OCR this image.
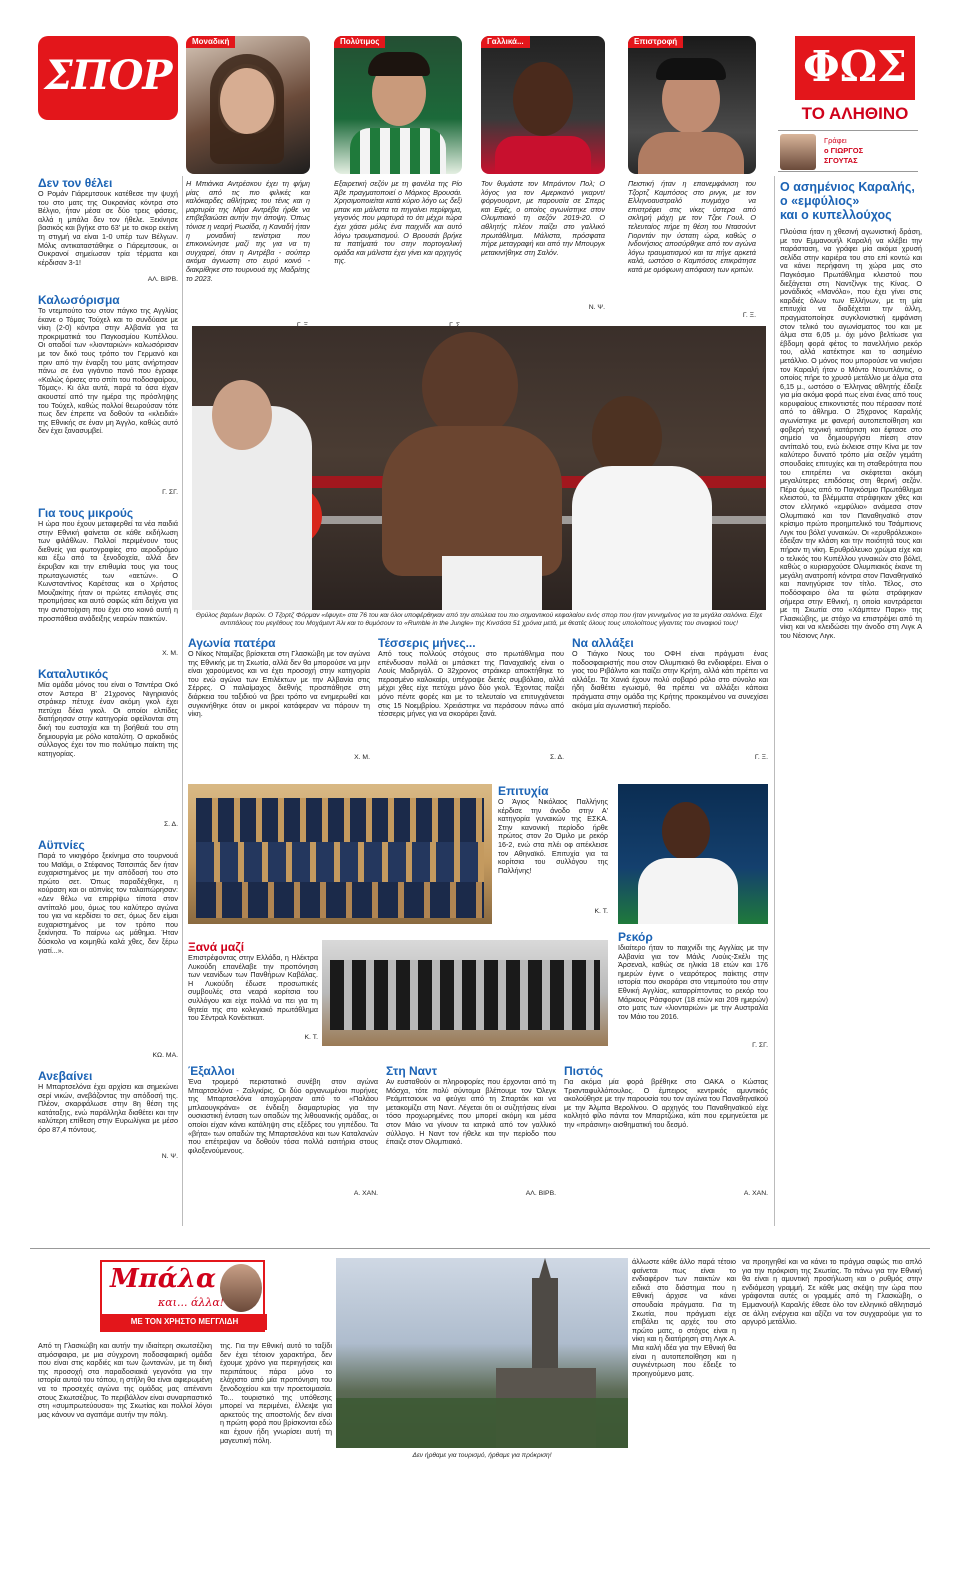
ΣΠΟΡ
Μοναδική	Πολύτιμος	Γαλλικά...	Επιστροφή
ΦΩΣ
ΤΟ ΑΛΗΘΙΝΟ
Γράφει
ο ΓΙΩΡΓΟΣ
ΣΓΟΥΤΑΣ
Η Μπιάνκα Αντρέσκου έχει τη φήμη μίας από τις πιο φιλικές και καλόκαρδες αθλήτριες του τένις και η μαρτυρία της Μίρα Αντρέβα ήρθε να επιβεβαιώσει αυτήν την άποψη. Όπως τόνισε η νεαρή Ρωσίδα, η Καναδή ήταν η μοναδική τενίστρια που επικοινώνησε μαζί της για να τη συγχαρεί, όταν η Αντρέβα - σούπερ ακόμα άγνωστη στο ευρύ κοινό - διακρίθηκε στο τουρνουά της Μαδρίτης το 2023.
Εξαιρετική σεζόν με τη φανέλα της Ρίο Άβε πραγματοποιεί ο Μάρκος Βρουσάι. Χρησιμοποιείται κατά κύριο λόγο ως δεξί μπακ και μάλιστα τα πηγαίνει περίφημα, γεγονός που μαρτυρά το ότι μέχρι τώρα έχει χάσει μόλις ένα παιχνίδι και αυτό λόγω τραυματισμού. Ο Βρουσάι βρήκε τα πατήματά του στην πορτογαλική ομάδα και μάλιστα έχει γίνει και αρχηγός της.
Τον θυμάστε τον Μπράντον Πολ; Ο λόγος για τον Αμερικανό γκαρντ/φόργουορντ, με παρουσία σε Σπερς και Εφές, ο οποίος αγωνίστηκε στον Ολυμπιακό τη σεζόν 2019-20. Ο αθλητής πλέον παίζει στο γαλλικό πρωτάθλημα. Μάλιστα, πρόσφατα πήρε μεταγραφή και από την Μπουργκ μετακινήθηκε στη Σαλόν.
Ν. Ψ.
Πειστική ήταν η επανεμφάνιση του Τζορτζ Καμπόσος στο ρινγκ, με τον Ελληνοαυστραλό πυγμάχο να επιστρέφει στις νίκες ύστερα από σκληρή μάχη με τον Τζεκ Γουλ. Ο τελευταίος πήρε τη θέση του Ντασούντ Γιορντάν την ύστατη ώρα, καθώς ο Ινδονήσιος αποσύρθηκε από τον αγώνα λόγω τραυματισμού και τα πήγε αρκετά καλά, ωστόσο ο Καμπόσος επικράτησε κατά με ομόφωνη απόφαση των κριτών.
Γ. Ξ.
Δεν τον θέλει
Ο Ρομάν Γιάρεμτσουκ κατέθεσε την ψυχή του στο ματς της Ουκρανίας κόντρα στο Βέλγιο, ήταν μέσα σε δύο τρεις φάσεις, αλλά η μπάλα δεν τον ήθελε. Ξεκίνησε βασικός και βγήκε στο 63' με το σκορ εκείνη τη στιγμή να είναι 1-0 υπέρ των Βέλγων. Μόλις αντικαταστάθηκε ο Γιάρεμτσουκ, οι Ουκρανοί σημείωσαν τρία τέρματα και κέρδισαν 3-1!
ΑΛ. ΒΙΡΒ.
Καλωσόρισμα
Το ντεμπούτο του στον πάγκο της Αγγλίας έκανε ο Τόμας Τούχελ και το συνδύασε με νίκη (2-0) κόντρα στην Αλβανία για τα προκριματικά του Παγκοσμίου Κυπέλλου. Οι οπαδοί των «λιονταριών» καλωσόρισαν με τον δικό τους τρόπο τον Γερμανό και πριν από την έναρξη του ματς ανήρτησαν πάνω σε ένα γιγάντιο πανό που έγραφε «Καλώς όρισες στο σπίτι του ποδοσφαίρου, Τόμας». Κι όλα αυτά, παρά τα όσα είχαν ακουστεί από την ημέρα της πρόσληψης του Τούχελ, καθώς πολλοί θεωρούσαν τότε πως δεν έπρεπε να δοθούν τα «κλειδιά» της Εθνικής σε έναν μη Άγγλο, καθώς αυτό δεν έχει ξανασυμβεί.
Γ. ΣΓ.
Για τους μικρούς
Η ώρα που έχουν μεταφερθεί τα νέα παιδιά στην Εθνική φαίνεται σε κάθε εκδήλωση των φιλάθλων. Πολλοί περιμένουν τους διεθνείς για φωτογραφίες στο αεροδρόμιο και έξω από τα ξενοδοχεία, αλλά δεν έκρυβαν και την επιθυμία τους για τους πρωταγωνιστές των «αετών». Ο Κωνσταντίνος Καρέτσας και ο Χρήστος Μουζακίτης ήταν οι πρώτες επιλογές στις προτιμήσεις και αυτό σαφώς κάτι δείχνει για την αντιστοίχιση που έχει στο κοινό αυτή η προσπάθεια ανάδειξης νεαρών παικτών.
Χ. Μ.
Καταλυτικός
Μία ομάδα μόνος του είναι ο Τσιντέρα Οκό στον Άστερα Β' 21χρονος Νιγηριανός στράικερ πέτυχε έναν ακόμη γκολ έχει πετύχει δέκα γκολ. Οι οποίοι ελπίδες διατήρησαν στην κατηγορία οφείλονται στη δική του ευστοχία και τη βοήθειά του στη δημιουργία με ρόλο καταλύτη. Ο αρκαδικός σύλλογος έχει τον πιο πολύτιμο παίκτη της κατηγορίας.
Σ. Δ.
Αϋπνίες
Παρά το νικηφόρο ξεκίνημα στο τουρνουά του Μαϊάμι, ο Στέφανος Τσιτσιπάς δεν ήταν ευχαριστημένος με την απόδοσή του στο πρώτο σετ. Όπως παραδέχθηκε, η κούραση και οι αϋπνίες τον ταλαιπώρησαν: «Δεν θέλω να επιρρίψω τίποτα στον αντίπαλό μου, όμως του καλύτερο αγώνα του για να κερδίσει το σετ, όμως δεν είμαι ευχαριστημένος με τον τρόπο που ξεκίνησα. Το παίρνω ως μάθημα. Ήταν δύσκολο να κοιμηθώ καλά χθες, δεν ξέρω γιατί...».
ΚΩ. ΜΑ.
Ανεβαίνει
Η Μπαρτσελόνα έχει αρχίσει και σημειώνει σερί νικών, ανεβάζοντας την απόδοσή της. Πλέον, σκαρφάλωσε στην 8η θέση της κατάταξης, ενώ παράλληλα διαθέτει και την καλύτερη επίθεση στην Ευρωλίγκα με μέσο όρο 87,4 πόντους.
Ν. Ψ.
Θρύλος βαρέων βαρών. Ο Τζορτζ Φόρμαν «έφυγε» στα 76 του και όλοι υποφέρθηκαν από την απώλεια του πιο σημαντικού κεφαλαίου ενός σπορ που ήταν γεννημένος για τα μεγάλα σαλόνια. Είχε αντιπάλους του μεγέθους του Μοχάμεντ Άλι και το θυμόσουν το «Rumble in the Jungle» της Κινσάσα 51 χρόνια μετά, με θεατές όλους τους υπολοίπους γίγαντες του σιναφιού τους!
Αγωνία πατέρα
Ο Νίκος Νταμίζας βρίσκεται στη Γλασκώβη με τον αγώνα της Εθνικής με τη Σκωτία, αλλά δεν θα μπορούσε να μην είναι χαρούμενος και να έχει προσοχή στην κατηγορία του ενώ αγώνα των Επιλέκτων με την Αλβανία στις Σέρρες. Ο παλαίμαχος διεθνής προσπάθησε στη διάρκεια του ταξιδιού να βρει τρόπο να ενημερωθεί και συγκινήθηκε όταν οι μικροί κατάφεραν να πάρουν τη νίκη.
Χ. Μ.
Τέσσερις μήνες...
Από τους πολλούς στόχους στο πρωτάθλημα που επένδυσαν πολλά οι μπάσκετ της Παναχαϊκής είναι ο Λουίς Μαδριγάλ. Ο 32χρονος στράικερ αποκτήθηκε το περασμένο καλοκαίρι, υπέγραψε διετές συμβόλαιο, αλλά μέχρι χθες είχε πετύχει μόνο δύο γκολ. Έχοντας παίξει μόνο πέντε φορές και με το τελευταίο να επιτυγχάνεται στις 15 Νοεμβρίου. Χρειάστηκε να περάσουν πάνω από τέσσερις μήνες για να σκοράρει ξανά.
Σ. Δ.
Να αλλάξει
Ο Τιάγκο Νους του ΟΦΗ είναι πράγματι ένας ποδοσφαιριστής που στον Ολυμπιακό θα ενδιαφέρει. Είναι ο γιος του Ριβάλντο και παίζει στην Κρήτη, αλλά κάτι πρέπει να αλλάξει. Τα Χανιά έχουν πολύ σοβαρό ρόλο στο σύνολο και ήδη διαθέτει εγωισμό, θα πρέπει να αλλάξει κάποια πράγματα στην ομάδα της Κρήτης προκειμένου να συνεχίσει ακόμα μία αγωνιστική περίοδο.
Γ. Ξ.
Επιτυχία
Ο Άγιος Νικόλαος Παλλήνης κέρδισε την άνοδο στην Α' κατηγορία γυναικών της ΕΣΚΑ. Στην κανονική περίοδο ήρθε πρώτος στον 2ο Όμιλο με ρεκόρ 16-2, ενώ στα πλέι οφ απέκλεισε τον Αθηναϊκό. Επιτυχία για τα κορίτσια του συλλόγου της Παλλήνης!
Κ. Τ.
Ξανά μαζί
Επιστρέφοντας στην Ελλάδα, η Ηλέκτρα Λυκούδη επανέλαβε την προπόνηση των νεανίδων των Πανθήρων Καβάλας. Η Λυκούδη έδωσε προσωπικές συμβουλές στα νεαρά κορίτσια του συλλόγου και είχε πολλά να πει για τη θητεία της στο κολεγιακό πρωτάθλημα του Σέντραλ Κονέκτικατ.
Κ. Τ.
Ρεκόρ
Ιδιαίτερο ήταν το παιχνίδι της Αγγλίας με την Αλβανία για τον Μάιλς Λιούις-Σκέλι της Άρσεναλ, καθώς σε ηλικία 18 ετών και 176 ημερών έγινε ο νεαρότερος παίκτης στην ιστορία που σκοράρει στο ντεμπούτο του στην Εθνική Αγγλίας, καταρρίπτοντας το ρεκόρ του Μάρκους Ράσφορντ (18 ετών και 209 ημερών) στο ματς των «λιονταριών» με την Αυστραλία τον Μάιο του 2016.
Γ. ΣΓ.
Έξαλλοι
Ένα τρομερό περιστατικό συνέβη στον αγώνα Μπαρτσελόνα - Ζαλγκίρις. Οι δύο οργανωμένοι πυρήνες της Μπαρτσελόνα αποχώρησαν από το «Παλάου μπλαουγκράνα» σε ένδειξη διαμαρτυρίας για την ουσιαστική ένταση των οπαδών της λιθουανικής ομάδας, οι οποίοι είχαν κάνει κατάληψη στις εξέδρες του γηπέδου. Τα «βήτα» των οπαδών της Μπαρτσελόνα και των Καταλανών που επέτρεψαν να δοθούν τόσα πολλά εισιτήρια στους φιλοξενούμενους.
Α. ΧΑΝ.
Στη Ναντ
Αν ευσταθούν οι πληροφορίες που έρχονται από τη Μόσχα, τότε πολύ σύντομα βλέπουμε τον Όλεγκ Ρεάμπτσιουκ να φεύγει από τη Σπαρτάκ και να μετακομίζει στη Ναντ. Λέγεται ότι οι συζητήσεις είναι τόσο προχωρημένες που μπορεί ακόμη και μέσα στον Μάιο να γίνουν τα ιατρικά από τον γαλλικό σύλλογο. Η Ναντ τον ήθελε και την περίοδο που έπαιζε στον Ολυμπιακό.
ΑΛ. ΒΙΡΒ.
Πιστός
Για ακόμα μία φορά βρέθηκε στο ΟΑΚΑ ο Κώστας Τριανταφυλλόπουλος. Ο έμπειρος κεντρικός αμυντικός ακολούθησε με την παρουσία του τον αγώνα του Παναθηναϊκού με την Άλμπα Βερολίνου. Ο αρχηγός του Παναθηναϊκού είχε κολλητό φίλο πάντα τον Μπαρτζώκα, κάτι που ερμηνεύεται με την «πράσινη» αισθηματική του δεσμό.
Α. ΧΑΝ.
Ο ασημένιος Καραλής,
ο «εμφύλιος»
και ο κυπελλούχος
Πλούσια ήταν η χθεσινή αγωνιστική δράση, με τον Εμμανουήλ Καραλή να κλέβει την παράσταση, να γράφει μία ακόμα χρυσή σελίδα στην καριέρα του στο επί κοντώ και να κάνει περήφανη τη χώρα μας στο Παγκόσμιο Πρωτάθλημα κλειστού που διεξάγεται στη Ναντζίνγκ της Κίνας. Ο μονάδικός «Μανόλο», που έχει γίνει στις καρδιές όλων των Ελλήνων, με τη μία επιτυχία να διαδέχεται την άλλη, πραγματοποίησε συγκλονιστική εμφάνιση στον τελικό του αγωνίσματος του και με άλμα στα 6,05 μ. όχι μόνο βελτίωσε για έβδομη φορά φέτος το πανελλήνιο ρεκόρ του, αλλά κατέκτησε και το ασημένιο μετάλλιο. Ο μόνος που μπορούσε να νικήσει τον Καραλή ήταν ο Μόντο Ντουπλάντις, ο οποίος πήρε το χρυσό μετάλλιο με άλμα στα 6,15 μ., ωστόσο ο Έλληνας αθλητής έδειξε για μία ακόμα φορά πως είναι ένας από τους κορυφαίους επικοντιστές που πέρασαν ποτέ από το άθλημα. Ο 25χρονος Καραλής αγωνίστηκε με φανερή αυτοπεποίθηση και φοβερή τεχνική κατάρτιση και έφτασε στο σημείο να δημιουργήσει πίεση στον αντίπαλό του, ενώ έκλεισε στην Κίνα με τον καλύτερο δυνατό τρόπο μία σεζόν γεμάτη σπουδαίες επιτυχίες και τη σταθερότητα που του επιτρέπει να σκέφτεται ακόμη μεγαλύτερες επιδόσεις στη θερινή σεζόν. Πέρα όμως από το Παγκόσμιο Πρωτάθλημα κλειστού, τα βλέμματα στράφηκαν χθες και στον ελληνικό «εμφύλιο» ανάμεσα στον Ολυμπιακό και τον Παναθηναϊκό στον κρίσιμο πρώτο προημιτελικό του Τσάμπιονς Λιγκ του βόλεϊ γυναικών. Οι «ερυθρόλευκοι» έδειξαν την κλάση και την ποιότητά τους και πήραν τη νίκη. Ερυθρόλευκο χρώμα είχε και ο τελικός του Κυπέλλου γυναικών στο βόλεϊ, καθώς ο κυριαρχούσε Ολυμπιακός έκανε τη μεγάλη ανατροπή κόντρα στον Παναθηναϊκό και πανηγύρισε τον τίτλο. Τέλος, στο ποδόσφαιρο όλα τα φώτα στράφηκαν σήμερα στην Εθνική, η οποία κοντράρεται με τη Σκωτία στο «Χάμπτεν Παρκ» της Γλασκώβης, με στόχο να επιστρέψει από τη νίκη και να κλειδώσει την άνοδο στη Λιγκ Α του Νέσιονς Λιγκ.
Μπάλα
και... άλλα!
ΜΕ ΤΟΝ ΧΡΗΣΤΟ ΜΕΓΓΛΙΔΗ
Από τη Γλασκώβη και αυτήν την ιδιαίτερη σκωτσέζικη ατμόσφαιρα, με μια σύγχρονη ποδοσφαιρική ομάδα που είναι στις καρδιές και των ζωντανών, με τη δική της προσοχή στα παραδοσιακά γεγονότα για την ιστορία αυτού του τόπου, η στήλη θα είναι αφιερωμένη να το προσεχές αγώνα της ομάδας μας απέναντι στους Σκωτσέζους. Το περιβάλλον είναι συναρπαστικό στη «συμπρωτεύουσα» της Σκωτίας και πολλοί λόγοι μας κάνουν να αγαπάμε αυτήν την πόλη.
της. Για την Εθνική αυτό το ταξίδι δεν έχει τέτοιον χαρακτήρα, δεν έχουμε χρόνο για περιηγήσεις και περιπάτους πάρα μόνο το ελάχιστο από μία προπόνηση του ξενοδοχείου και την προετοιμασία. Το... τουριστικό της υπόθεσης μπορεί να περιμένει, έλλειψε για αρκετούς της αποστολής δεν είναι η πρώτη φορά που βρίσκονται εδώ και έχουν ήδη γνωρίσει αυτή τη μαγευτική πόλη.
Δεν ήρθαμε για τουρισμό, ήρθαμε για πρόκριση!
άλλωστε κάθε άλλο παρά τέτοιο φαίνεται πως είναι το ενδιαφέρον των παικτών και ειδικά στο διάστημα που η Εθνική άρχισε να κάνει σπουδαία πράγματα. Για τη Σκωτία, που πράγματι είχε επιβάλει τις αρχές του στο πρώτο ματς, ο στόχος είναι η νίκη και η διατήρηση στη Λιγκ Α. Μια καλή ιδέα για την Εθνική θα είναι η αυτοπεποίθηση και η συγκέντρωση που έδειξε το προηγούμενο ματς.
να προηγηθεί και να κάνει το πράγμα σαφώς πιο απλό για την πρόκριση της Σκωτίας. Το πάνω για την Εθνική θα είναι η αμυντική προσήλωση και ο ρυθμός στην ενδιάμεση γραμμή. Σε κάθε μας σκέψη την ώρα που γράφονται αυτές οι γραμμές από τη Γλασκώβη, ο Εμμανουήλ Καραλής έθεσε όλο τον ελληνικό αθλητισμό σε άλλη ενέργεια και αξίζει να τον συγχαρούμε για το αργυρό μετάλλιο.
